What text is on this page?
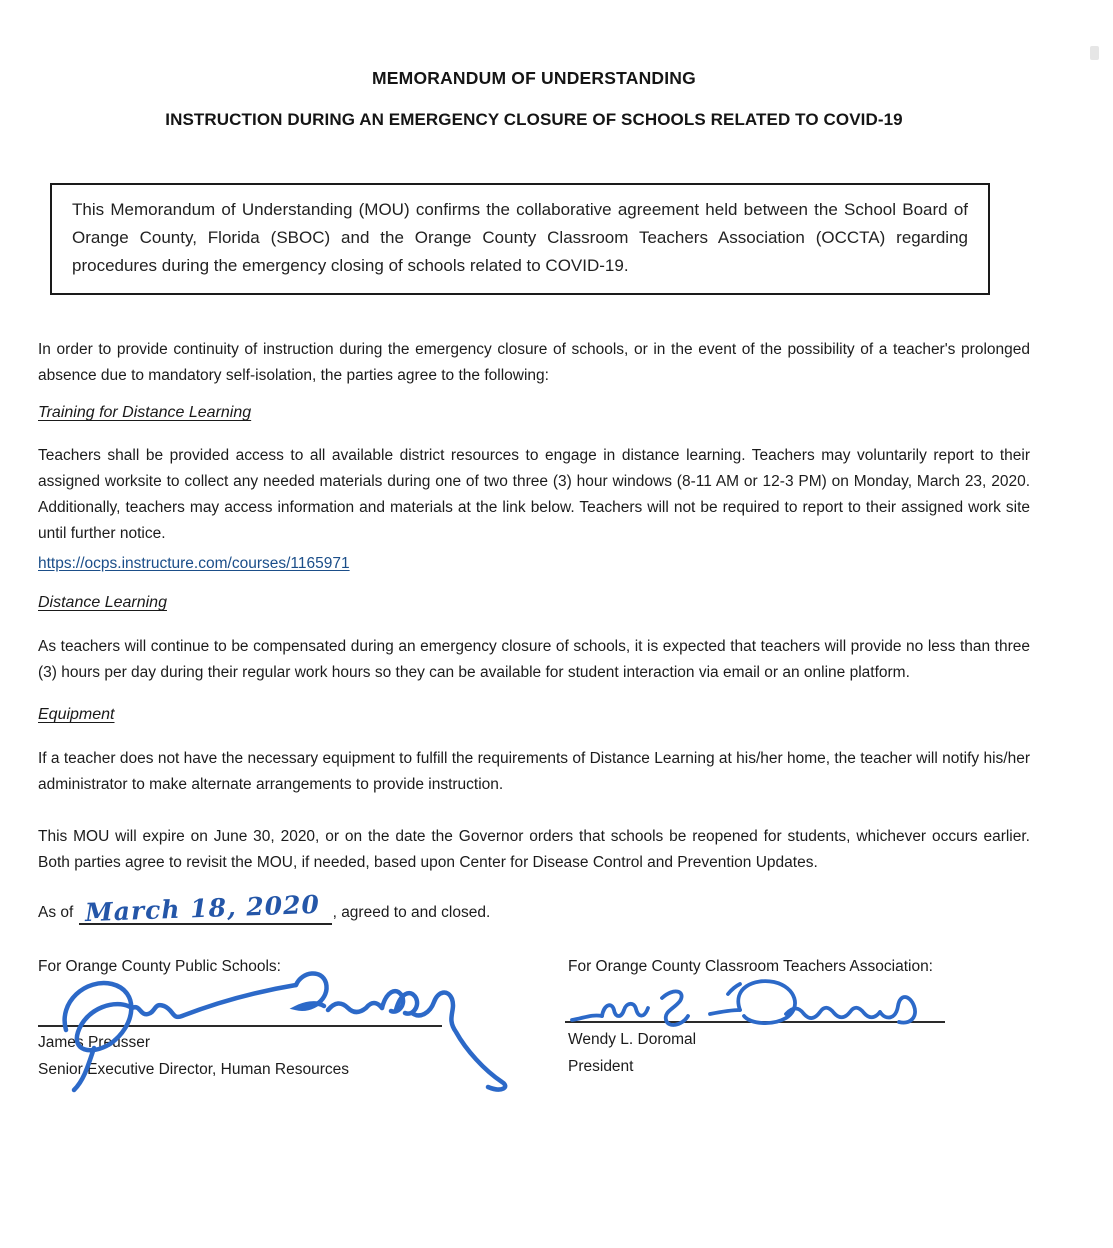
MEMORANDUM OF UNDERSTANDING
INSTRUCTION DURING AN EMERGENCY CLOSURE OF SCHOOLS RELATED TO COVID-19
This Memorandum of Understanding (MOU) confirms the collaborative agreement held between the School Board of Orange County, Florida (SBOC) and the Orange County Classroom Teachers Association (OCCTA) regarding procedures during the emergency closing of schools related to COVID-19.

In order to provide continuity of instruction during the emergency closure of schools, or in the event of the possibility of a teacher's prolonged absence due to mandatory self-isolation, the parties agree to the following:

Training for Distance Learning

Teachers shall be provided access to all available district resources to engage in distance learning. Teachers may voluntarily report to their assigned worksite to collect any needed materials during one of two three (3) hour windows (8-11 AM or 12-3 PM) on Monday, March 23, 2020. Additionally, teachers may access information and materials at the link below. Teachers will not be required to report to their assigned work site until further notice.

https://ocps.instructure.com/courses/1165971
Distance Learning

As teachers will continue to be compensated during an emergency closure of schools, it is expected that teachers will provide no less than three (3) hours per day during their regular work hours so they can be available for student interaction via email or an online platform.

Equipment

If a teacher does not have the necessary equipment to fulfill the requirements of Distance Learning at his/her home, the teacher will notify his/her administrator to make alternate arrangements to provide instruction.

This MOU will expire on June 30, 2020, or on the date the Governor orders that schools be reopened for students, whichever occurs earlier. Both parties agree to revisit the MOU, if needed, based upon Center for Disease Control and Prevention Updates.

As of March 18, 2020 , agreed to and closed.

For Orange County Public Schools:

James Preusser
Senior Executive Director, Human Resources

For Orange County Classroom Teachers Association:

Wendy L. Doromal
President
